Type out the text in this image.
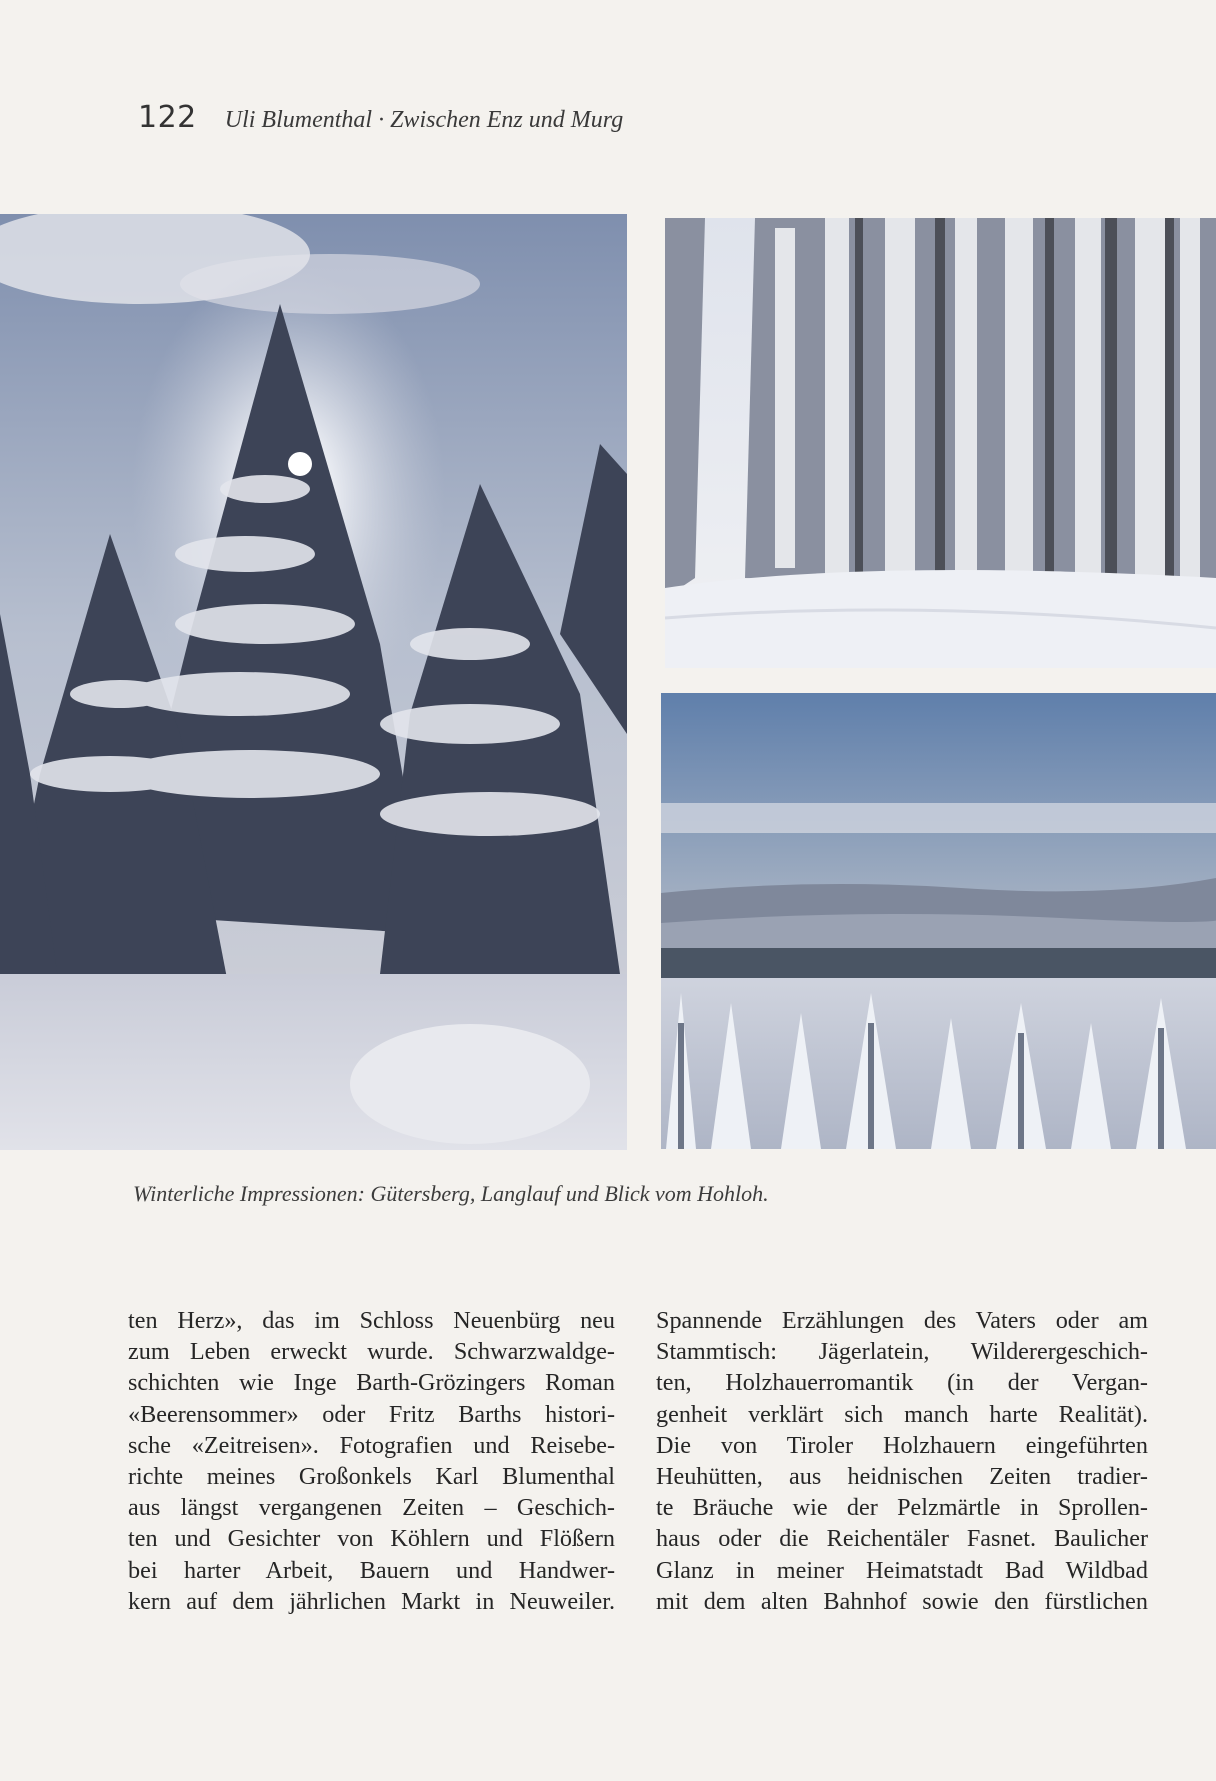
122 Uli Blumenthal · Zwischen Enz und Murg
Winterliche Impressionen: Gütersberg, Langlauf und Blick vom Hohloh.
ten Herz», das im Schloss Neuenbürg neu
zum Leben erweckt wurde. Schwarzwaldge-
schichten wie Inge Barth-Grözingers Roman
«Beerensommer» oder Fritz Barths histori-
sche «Zeitreisen». Fotografien und Reisebe-
richte meines Großonkels Karl Blumenthal
aus längst vergangenen Zeiten – Geschich-
ten und Gesichter von Köhlern und Flößern
bei harter Arbeit, Bauern und Handwer-
kern auf dem jährlichen Markt in Neuweiler.
Spannende Erzählungen des Vaters oder am
Stammtisch: Jägerlatein, Wilderergeschich-
ten, Holzhauerromantik (in der Vergan-
genheit verklärt sich manch harte Realität).
Die von Tiroler Holzhauern eingeführten
Heuhütten, aus heidnischen Zeiten tradier-
te Bräuche wie der Pelzmärtle in Sprollen-
haus oder die Reichentäler Fasnet. Baulicher
Glanz in meiner Heimatstadt Bad Wildbad
mit dem alten Bahnhof sowie den fürstlichen
